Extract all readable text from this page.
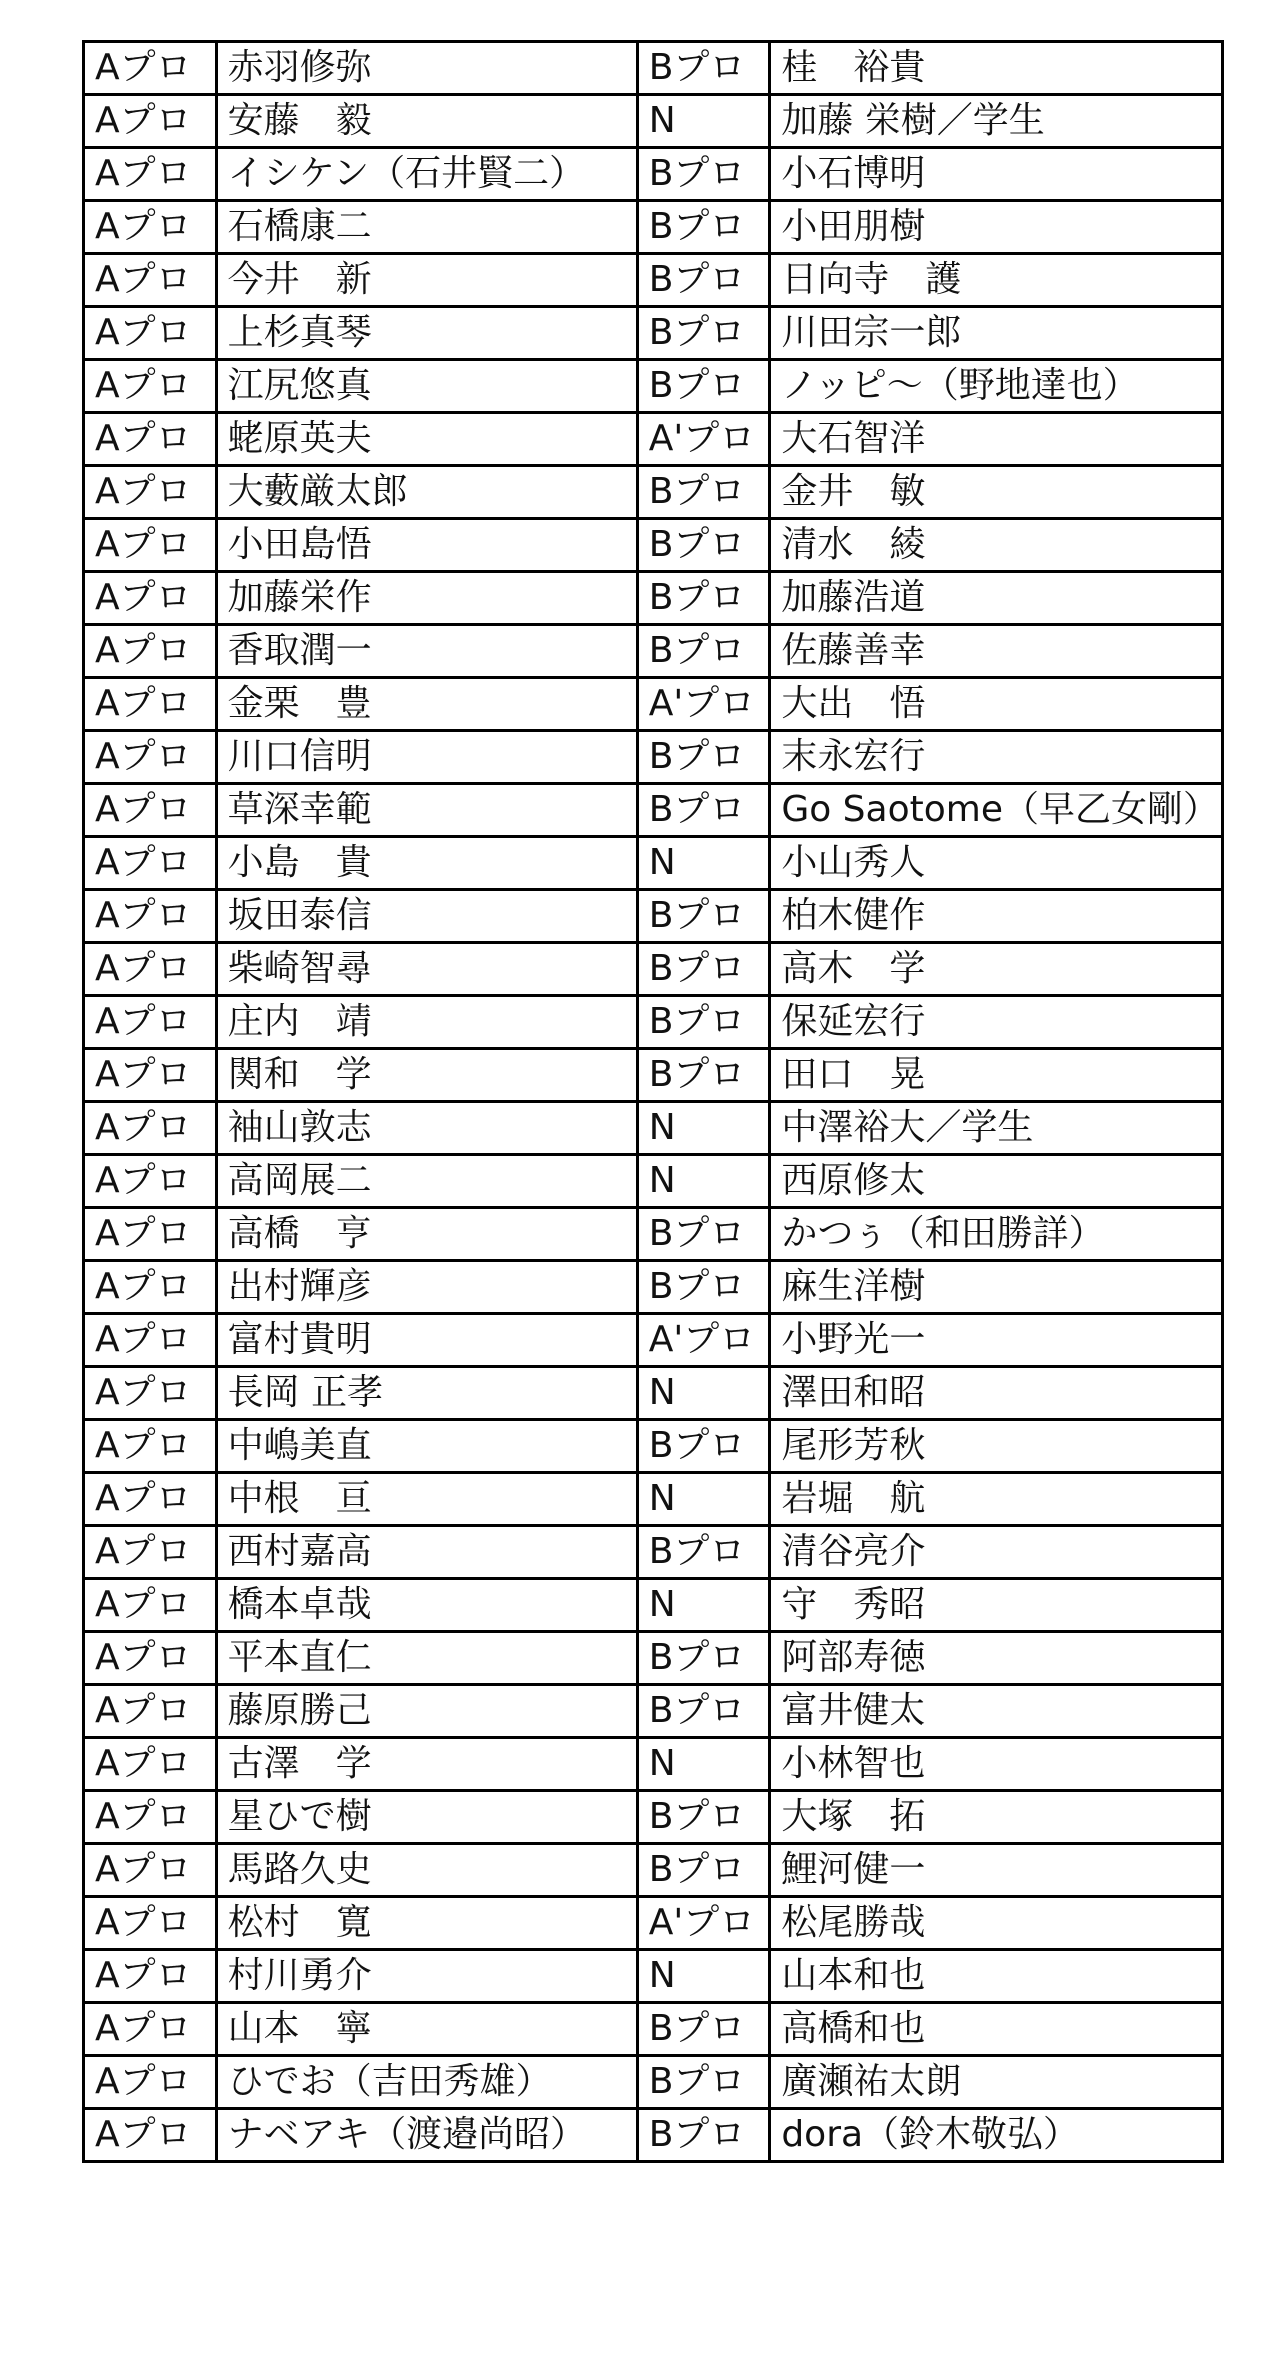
Aプロ	赤羽修弥	Bプロ	桂　裕貴
Aプロ	安藤　毅	N	加藤 栄樹／学生
Aプロ	イシケン（石井賢二）	Bプロ	小石博明
Aプロ	石橋康二	Bプロ	小田朋樹
Aプロ	今井　新	Bプロ	日向寺　護
Aプロ	上杉真琴	Bプロ	川田宗一郎
Aプロ	江尻悠真	Bプロ	ノッピ～（野地達也）
Aプロ	蛯原英夫	A'プロ	大石智洋
Aプロ	大藪厳太郎	Bプロ	金井　敏
Aプロ	小田島悟	Bプロ	清水　綾
Aプロ	加藤栄作	Bプロ	加藤浩道
Aプロ	香取潤一	Bプロ	佐藤善幸
Aプロ	金栗　豊	A'プロ	大出　悟
Aプロ	川口信明	Bプロ	末永宏行
Aプロ	草深幸範	Bプロ	Go Saotome（早乙女剛）
Aプロ	小島　貴	N	小山秀人
Aプロ	坂田泰信	Bプロ	柏木健作
Aプロ	柴崎智尋	Bプロ	高木　学
Aプロ	庄内　靖	Bプロ	保延宏行
Aプロ	関和　学	Bプロ	田口　晃
Aプロ	袖山敦志	N	中澤裕大／学生
Aプロ	高岡展二	N	西原修太
Aプロ	高橋　亨	Bプロ	かつぅ（和田勝詳）
Aプロ	出村輝彦	Bプロ	麻生洋樹
Aプロ	富村貴明	A'プロ	小野光一
Aプロ	長岡 正孝	N	澤田和昭
Aプロ	中嶋美直	Bプロ	尾形芳秋
Aプロ	中根　亘	N	岩堀　航
Aプロ	西村嘉高	Bプロ	清谷亮介
Aプロ	橋本卓哉	N	守　秀昭
Aプロ	平本直仁	Bプロ	阿部寿徳
Aプロ	藤原勝己	Bプロ	富井健太
Aプロ	古澤　学	N	小林智也
Aプロ	星ひで樹	Bプロ	大塚　拓
Aプロ	馬路久史	Bプロ	鯉河健一
Aプロ	松村　寛	A'プロ	松尾勝哉
Aプロ	村川勇介	N	山本和也
Aプロ	山本　寧	Bプロ	高橋和也
Aプロ	ひでお（吉田秀雄）	Bプロ	廣瀬祐太朗
Aプロ	ナベアキ（渡邉尚昭）	Bプロ	dora（鈴木敬弘）
